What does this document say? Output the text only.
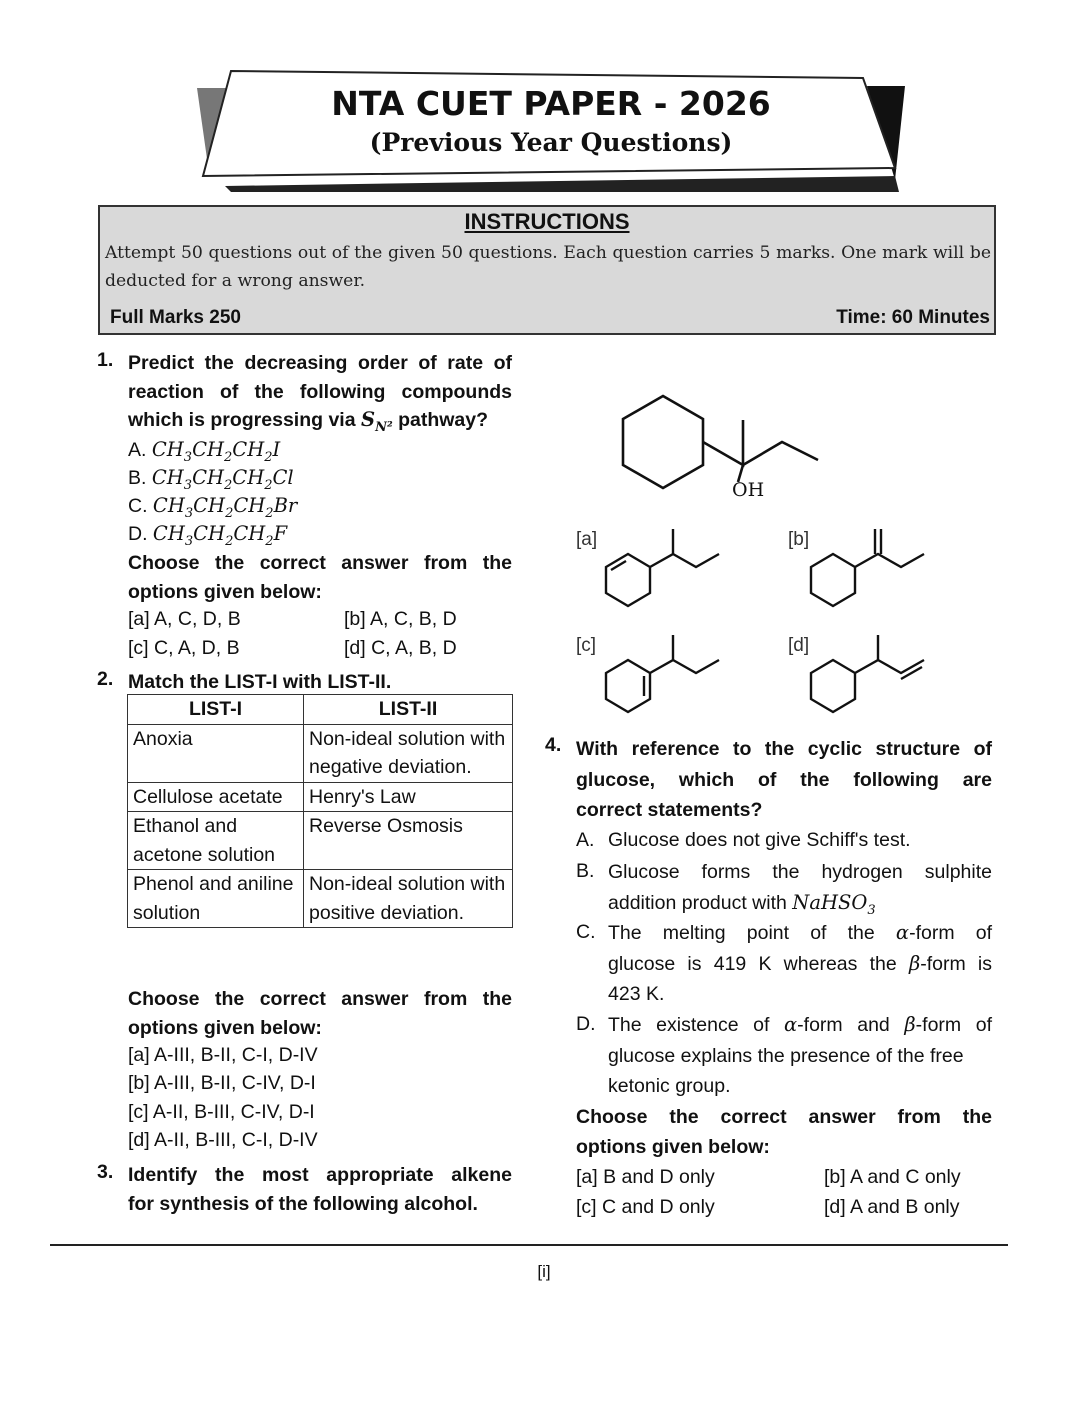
NTA CUET PAPER - 2026
(Previous Year Questions)
INSTRUCTIONS
Attempt 50 questions out of the given 50 questions. Each question carries 5 marks. One mark will be deducted for a wrong answer.
Full Marks 250	Time: 60 Minutes
1. Predict the decreasing order of rate of
reaction of the following compounds
which is progressing via $S_{N^2}$ pathway?
A. $CH_3CH_2CH_2I$
B. $CH_3CH_2CH_2Cl$
C. $CH_3CH_2CH_2Br$
D. $CH_3CH_2CH_2F$
Choose the correct answer from the
options given below:
[a] A, C, D, B	[b] A, C, B, D
[c] C, A, D, B	[d] C, A, B, D
2. Match the LIST-I with LIST-II.
LIST-I	LIST-II
Anoxia	Non-ideal solution with negative deviation.
Cellulose acetate	Henry's Law
Ethanol and acetone solution	Reverse Osmosis
Phenol and aniline solution	Non-ideal solution with positive deviation.
Choose the correct answer from the
options given below:
[a] A-III, B-II, C-I, D-IV
[b] A-III, B-II, C-IV, D-I
[c] A-II, B-III, C-IV, D-I
[d] A-II, B-III, C-I, D-IV
3. Identify the most appropriate alkene
for synthesis of the following alcohol.
OH
[a]	[b]
[c]	[d]
4. With reference to the cyclic structure of
glucose, which of the following are
correct statements?
A. Glucose does not give Schiff's test.
B. Glucose forms the hydrogen sulphite
addition product with NaHSO$_3$
C. The melting point of the α-form of
glucose is 419 K whereas the β-form is
423 K.
D. The existence of α-form and β-form of
glucose explains the presence of the free
ketonic group.
Choose the correct answer from the
options given below:
[a] B and D only	[b] A and C only
[c] C and D only	[d] A and B only
[i]
